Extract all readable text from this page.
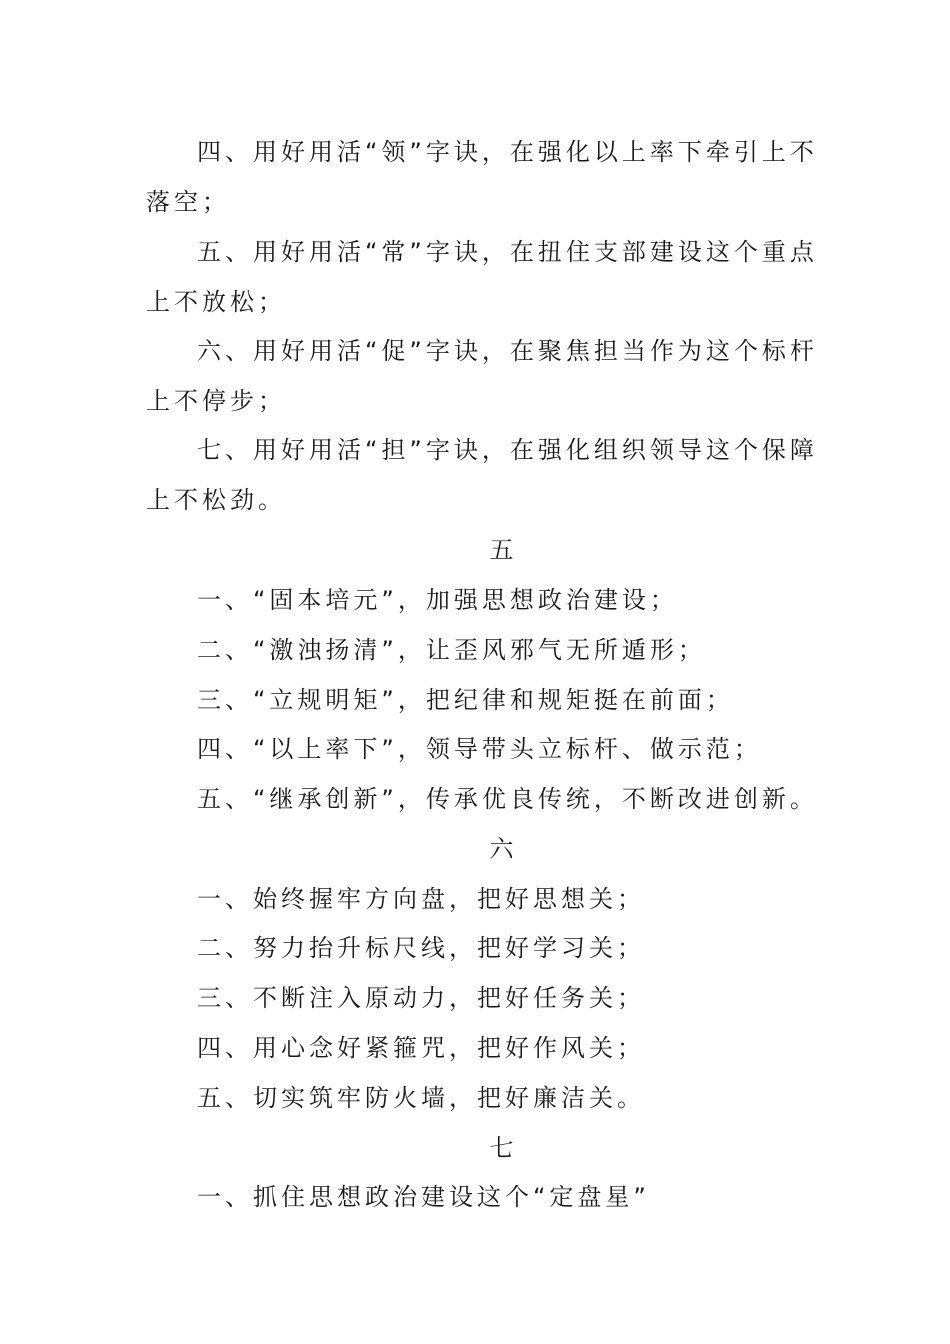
四、用好用活“领”字诀，在强化以上率下牵引上不
落空；
五、用好用活“常”字诀，在扭住支部建设这个重点
上不放松；
六、用好用活“促”字诀，在聚焦担当作为这个标杆
上不停步；
七、用好用活“担”字诀，在强化组织领导这个保障
上不松劲。
五
一、“固本培元”，加强思想政治建设；
二、“激浊扬清”，让歪风邪气无所遁形；
三、“立规明矩”，把纪律和规矩挺在前面；
四、“以上率下”，领导带头立标杆、做示范；
五、“继承创新”，传承优良传统，不断改进创新。
六
一、始终握牢方向盘，把好思想关；
二、努力抬升标尺线，把好学习关；
三、不断注入原动力，把好任务关；
四、用心念好紧箍咒，把好作风关；
五、切实筑牢防火墙，把好廉洁关。
七
一、抓住思想政治建设这个“定盘星”
